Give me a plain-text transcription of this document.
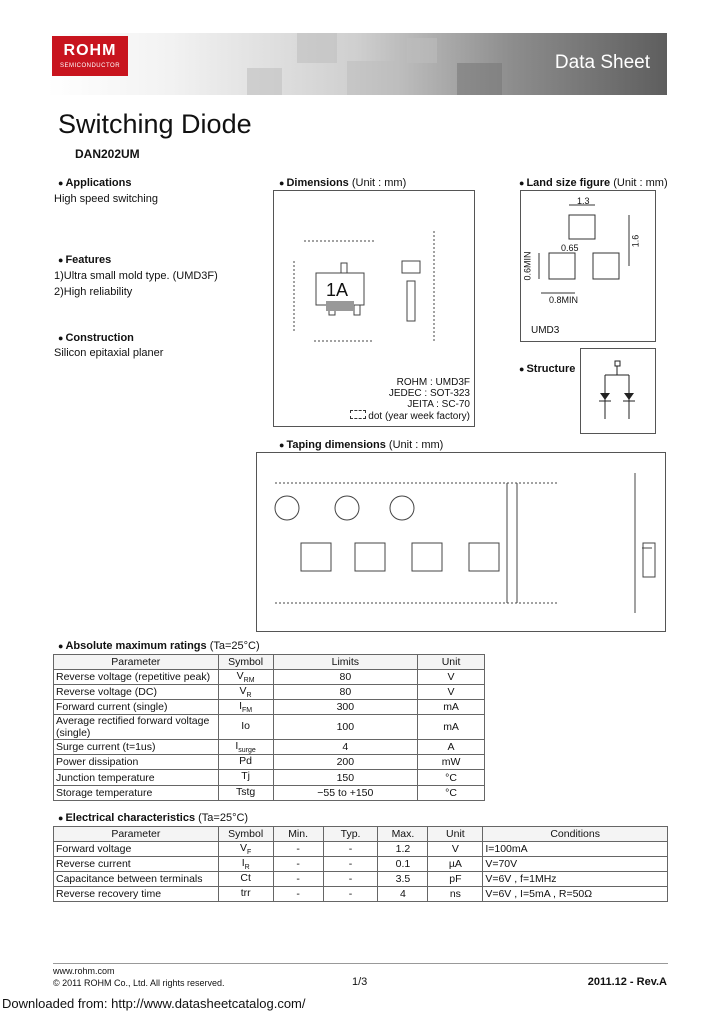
ROHM
SEMICONDUCTOR	Data Sheet
Switching Diode
DAN202UM
● Applications
High speed switching
● Features
1)Ultra small mold type. (UMD3F)
2)High reliability
● Construction
Silicon epitaxial planer
● Dimensions (Unit : mm)
1A
ROHM : UMD3F
JEDEC : SOT-323
JEITA : SC-70
dot (year week factory)
● Land size figure (Unit : mm)
1.3
0.65
1.6
0.6MIN
0.8MIN
UMD3
● Structure
● Taping dimensions (Unit : mm)
● Absolute maximum ratings (Ta=25°C)
Parameter	Symbol	Limits	Unit
Reverse voltage (repetitive peak)	$V_{RM}$	80	V
Reverse voltage (DC)	$V_R$	80	V
Forward current (single)	$I_{FM}$	300	mA
Average rectified forward voltage (single)	Io	100	mA
Surge current (t=1us)	$I_{surge}$	4	A
Power dissipation	Pd	200	mW
Junction temperature	Tj	150	°C
Storage temperature	Tstg	−55 to +150	°C
● Electrical characteristics (Ta=25°C)
Parameter	Symbol	Min.	Typ.	Max.	Unit	Conditions
Forward voltage	$V_F$	-	-	1.2	V	I=100mA
Reverse current	$I_R$	-	-	0.1	µA	V=70V
Capacitance between terminals	Ct	-	-	3.5	pF	V=6V , f=1MHz
Reverse recovery time	trr	-	-	4	ns	V=6V , I=5mA , R=50Ω
www.rohm.com
© 2011 ROHM Co., Ltd. All rights reserved.	1/3	2011.12 - Rev.A
Downloaded from: http://www.datasheetcatalog.com/
